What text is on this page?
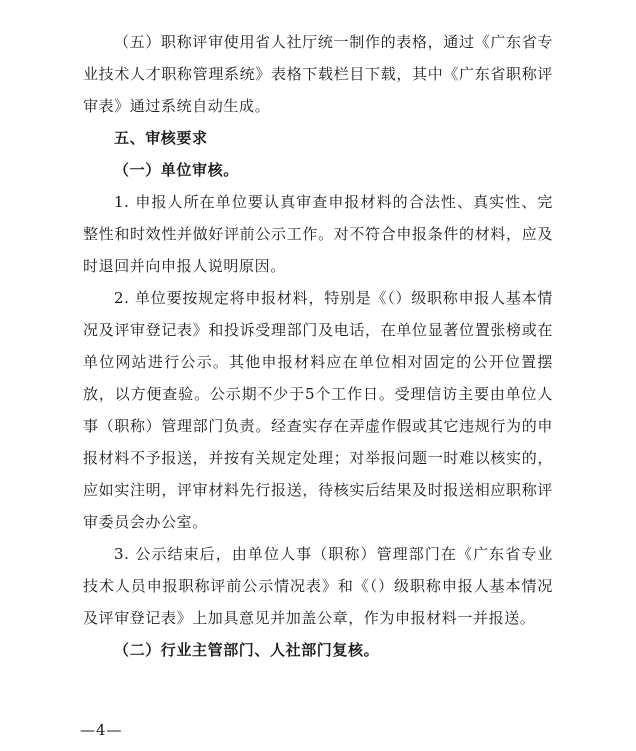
（五）职称评审使用省人社厅统一制作的表格，通过《广东省专业技术人才职称管理系统》表格下载栏目下载，其中《广东省职称评审表》通过系统自动生成。

五、审核要求

（一）单位审核。

1. 申报人所在单位要认真审查申报材料的合法性、真实性、完整性和时效性并做好评前公示工作。对不符合申报条件的材料，应及时退回并向申报人说明原因。

2. 单位要按规定将申报材料，特别是《（）级职称申报人基本情况及评审登记表》和投诉受理部门及电话，在单位显著位置张榜或在单位网站进行公示。其他申报材料应在单位相对固定的公开位置摆放，以方便查验。公示期不少于5个工作日。受理信访主要由单位人事（职称）管理部门负责。经查实存在弄虚作假或其它违规行为的申报材料不予报送，并按有关规定处理；对举报问题一时难以核实的，应如实注明，评审材料先行报送，待核实后结果及时报送相应职称评审委员会办公室。

3. 公示结束后，由单位人事（职称）管理部门在《广东省专业技术人员申报职称评前公示情况表》和《（）级职称申报人基本情况及评审登记表》上加具意见并加盖公章，作为申报材料一并报送。

（二）行业主管部门、人社部门复核。

—4—
